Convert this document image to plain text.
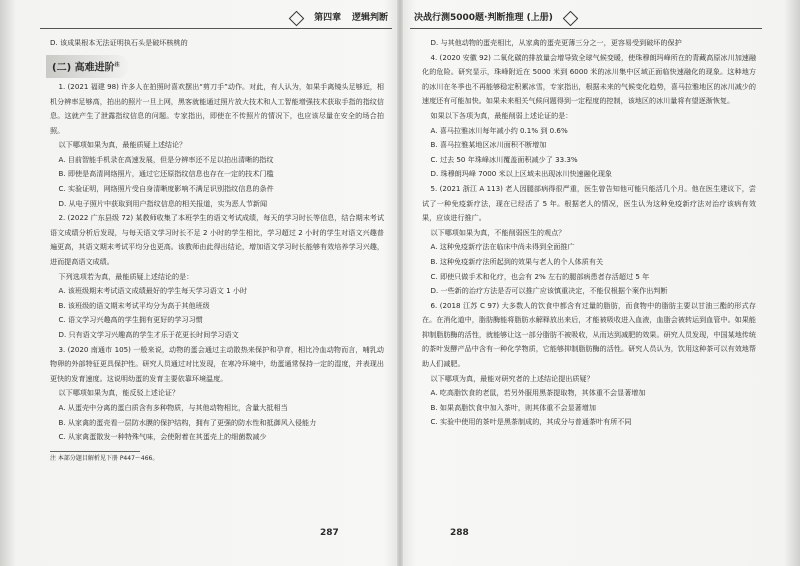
第四章 逻辑判断

D. 该成果根本无法证明执石头是破坏核桃的

(二) 高难进阶$^注$

1. (2021 福建 98) 许多人在拍照时喜欢摆出“剪刀手”动作。对此，有人认为，如果手离镜头足够近，相机分辨率足够高，拍出的照片一旦上网，黑客就能通过照片放大技术和人工智能增强技术获取手指的指纹信息。这就产生了泄露指纹信息的问题。专家指出，即使在不传照片的情况下，也应该尽量在安全的场合拍照。

以下哪项如果为真，最能质疑上述结论？

A. 目前智能手机录在高速发展，但是分辨率还不足以拍出清晰的指纹

B. 即使是高清网络照片，通过它还原指纹信息也存在一定的技术门槛

C. 实验证明，网络照片受自身清晰度影响不满足识别指纹信息的条件

D. 从电子照片中获取到用户指纹信息的相关报道，实为恶人节新闻

2. (2022 广东县级 72) 某教师收集了本班学生的语文考试成绩，每天的学习时长等信息，结合期末考试语文成绩分析后发现，与每天语文学习时长不足 2 小时的学生相比，学习超过 2 小时的学生对语文兴趣普遍更高，其语文期末考试平均分也更高。该教师由此得出结论，增加语文学习时长能够有效培养学习兴趣，进而提高语文成绩。

下列选项若为真，最能质疑上述结论的是：

A. 该班级期末考试语文成绩最好的学生每天学习语文 1 小时

B. 该班级的语文期末考试平均分为高于其他班级

C. 语文学习兴趣高的学生拥有更好的学习习惯

D. 只有语文学习兴趣高的学生才乐于花更长时间学习语文

3. (2020 南通市 105) 一般来说，动物的蛋会通过主动散热来保护和孕育，相比冷血动物而言，哺乳动物卵的外部特征更具保护性。研究人员通过对比发现，在寒冷环境中，幼蛋通常保持一定的湿度，并表现出更快的发育速度。这说明幼蛋的发育主要依靠环境温度。

以下哪项如果为真，能反驳上述论证？

A. 从蛋壳中分离的蛋白质含有多种物质，与其他动物相比，含量大抵相当

B. 从家禽的蛋壳看一层防水膜的保护结构，拥有了更强的防水性和抵御风入侵能力

C. 从家禽蛋散发一种特殊气味，会使附着在其蛋壳上的细菌数减少

注 本部分题目解析见下册 P447～466。

287
决战行测5000题·判断推理 (上册)

D. 与其他动物的蛋壳相比，从家禽的蛋壳更薄三分之一，更容易受到破坏的保护

4. (2020 安徽 92) 二氧化碳的排放量会增导致全球气候变暖，使珠穆朗玛峰所在的青藏高原冰川加速融化的危险。研究显示，珠峰附近在 5000 米到 6000 米的冰川集中区域正面临快速融化的现象。这种地方的冰川在冬季也不再能够稳定积累冰雪，专家指出，根据未来的气候变化趋势，喜马拉雅地区的冰川减少的速度还有可能加快。如果未来相关气候问题得到一定程度的控制，该地区的冰川量将有望逐渐恢复。

如果以下各项为真，最能削弱上述论证的是：

A. 喜马拉雅冰川每年减小约 0.1% 到 0.6%

B. 喜马拉雅某地区冰川面积不断增加

C. 过去 50 年珠峰冰川覆盖面积减少了 33.3%

D. 珠穆朗玛峰 7000 米以上区域未出现冰川快速融化现象

5. (2021 浙江 A 113) 老人因腿部病得很严重，医生曾告知他可能只能活几个月。他在医生建议下，尝试了一种免疫新疗法，现在已经活了 5 年。根据老人的情况，医生认为这种免疫新疗法对治疗该病有效果，应该进行推广。

以下哪项如果为真，不能削弱医生的观点？

A. 这种免疫新疗法在临床中尚未得到全面推广

B. 这种免疫新疗法所起到的效果与老人的个人体质有关

C. 即使只做手术和化疗，也会有 2% 左右的腿部病患者存活超过 5 年

D. 一些新的治疗方法是否可以推广应该慎重决定，不能仅根据个案作出判断

6. (2018 江苏 C 97) 大多数人的饮食中都含有过量的脂肪，而食物中的脂肪主要以甘油三酯的形式存在。在消化道中，脂肪酶能将脂肪水解释放出来后，才能被吸收进入血液，血脂会被转运到血管中。如果能抑制脂肪酶的活性，就能够让这一部分脂肪不被吸收，从而达到减肥的效果。研究人员发现，中国某地传统的茶叶发酵产品中含有一种化学物质，它能够抑制脂肪酶的活性。研究人员认为，饮用这种茶可以有效地帮助人们减肥。

以下哪项为真，最能对研究者的上述结论提出质疑？

A. 吃高脂饮食的老鼠，若另外服用黑茶提取物，其体重不会显著增加

B. 如果高脂饮食中加入茶叶，则其体重不会显著增加

C. 实验中使用的茶叶是黑茶制成的，其成分与普通茶叶有所不同

288
